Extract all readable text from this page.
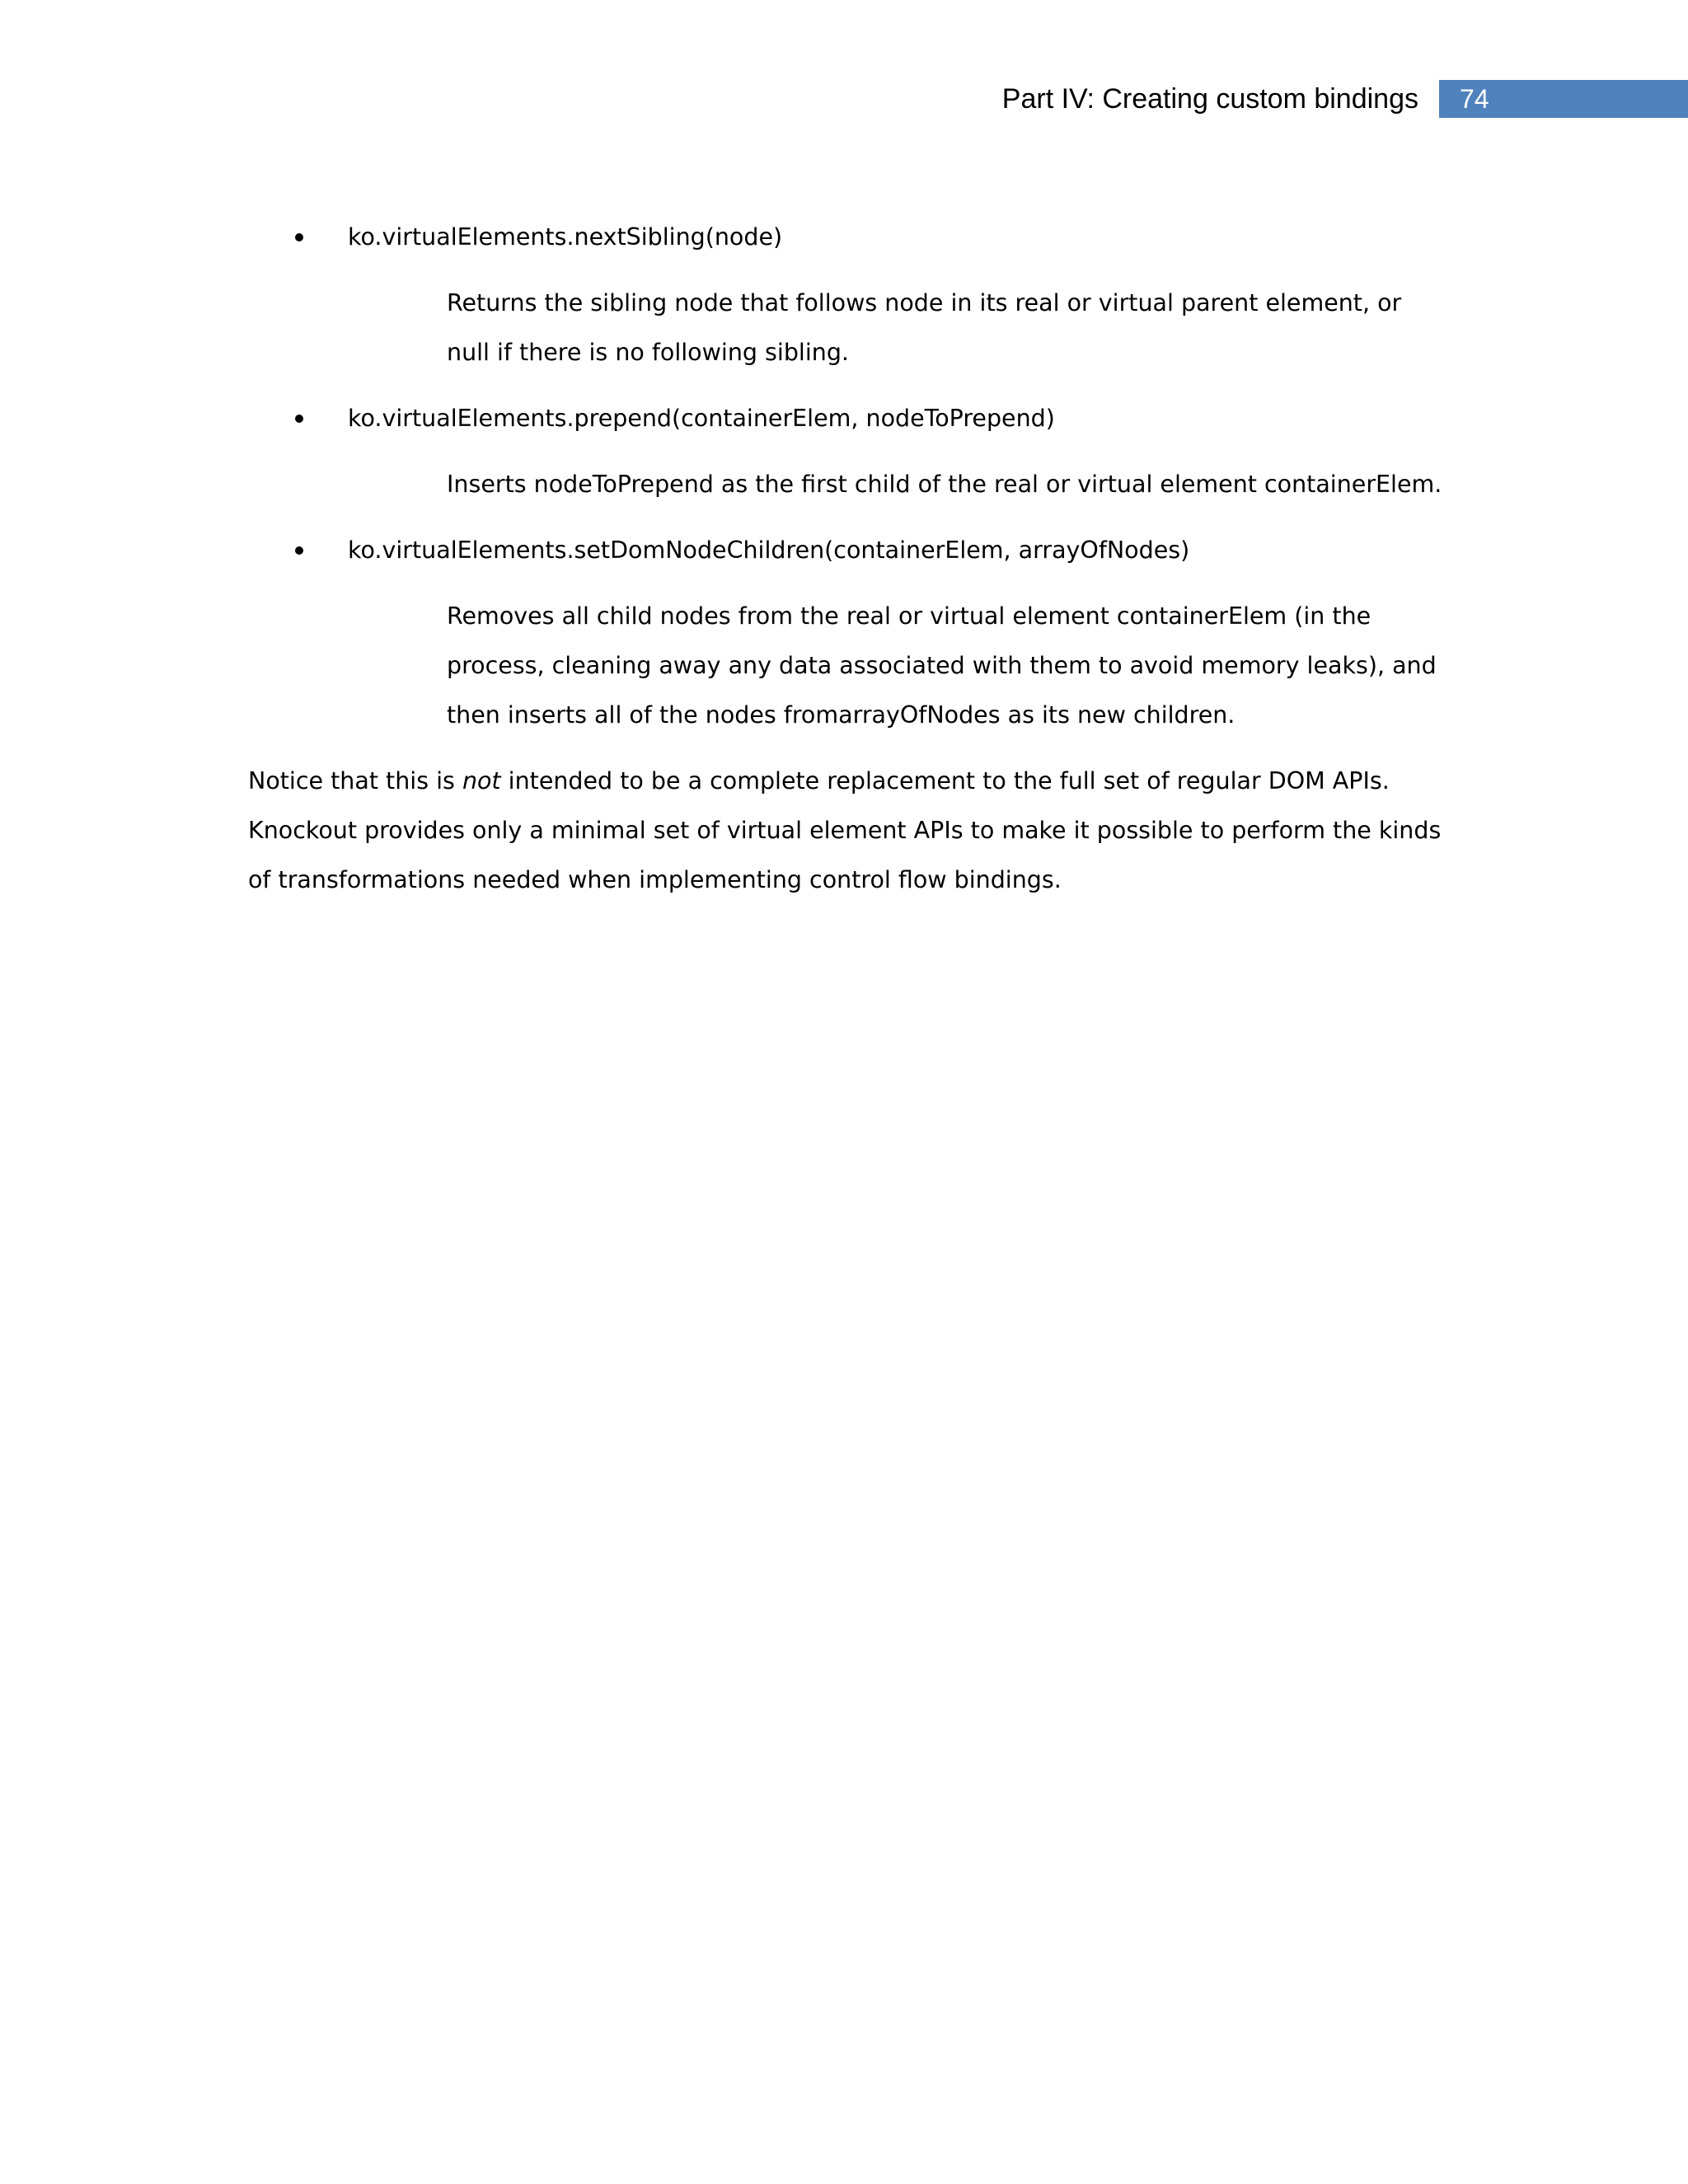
Part IV: Creating custom bindings	74
ko.virtualElements.nextSibling(node)

Returns the sibling node that follows node in its real or virtual parent element, or null if there is no following sibling.

ko.virtualElements.prepend(containerElem, nodeToPrepend)

Inserts nodeToPrepend as the first child of the real or virtual element containerElem.

ko.virtualElements.setDomNodeChildren(containerElem, arrayOfNodes)

Removes all child nodes from the real or virtual element containerElem (in the process, cleaning away any data associated with them to avoid memory leaks), and then inserts all of the nodes fromarrayOfNodes as its new children.

Notice that this is not intended to be a complete replacement to the full set of regular DOM APIs. Knockout provides only a minimal set of virtual element APIs to make it possible to perform the kinds of transformations needed when implementing control flow bindings.
